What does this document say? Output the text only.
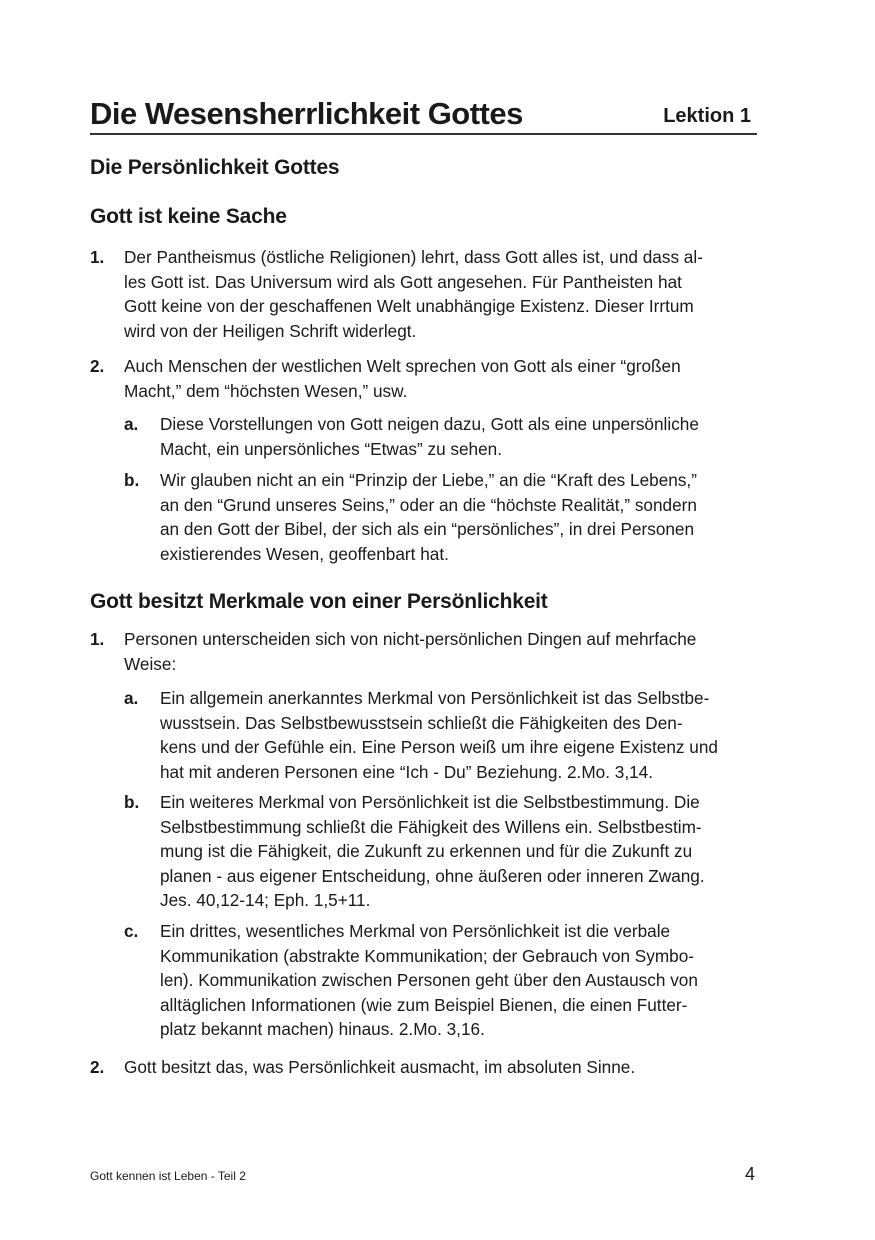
Die Wesensherrlichkeit Gottes	Lektion 1
Die Persönlichkeit Gottes
Gott ist keine Sache
1. Der Pantheismus (östliche Religionen) lehrt, dass Gott alles ist, und dass al-
les Gott ist. Das Universum wird als Gott angesehen. Für Pantheisten hat
Gott keine von der geschaffenen Welt unabhängige Existenz. Dieser Irrtum
wird von der Heiligen Schrift widerlegt.
2. Auch Menschen der westlichen Welt sprechen von Gott als einer “großen
Macht,” dem “höchsten Wesen,” usw.
a. Diese Vorstellungen von Gott neigen dazu, Gott als eine unpersönliche
Macht, ein unpersönliches “Etwas” zu sehen.
b. Wir glauben nicht an ein “Prinzip der Liebe,” an die “Kraft des Lebens,”
an den “Grund unseres Seins,” oder an die “höchste Realität,” sondern
an den Gott der Bibel, der sich als ein “persönliches”, in drei Personen
existierendes Wesen, geoffenbart hat.
Gott besitzt Merkmale von einer Persönlichkeit
1. Personen unterscheiden sich von nicht-persönlichen Dingen auf mehrfache
Weise:
a. Ein allgemein anerkanntes Merkmal von Persönlichkeit ist das Selbstbe-
wusstsein. Das Selbstbewusstsein schließt die Fähigkeiten des Den-
kens und der Gefühle ein. Eine Person weiß um ihre eigene Existenz und
hat mit anderen Personen eine “Ich - Du” Beziehung. 2.Mo. 3,14.
b. Ein weiteres Merkmal von Persönlichkeit ist die Selbstbestimmung. Die
Selbstbestimmung schließt die Fähigkeit des Willens ein. Selbstbestim-
mung ist die Fähigkeit, die Zukunft zu erkennen und für die Zukunft zu
planen - aus eigener Entscheidung, ohne äußeren oder inneren Zwang.
Jes. 40,12-14; Eph. 1,5+11.
c. Ein drittes, wesentliches Merkmal von Persönlichkeit ist die verbale
Kommunikation (abstrakte Kommunikation; der Gebrauch von Symbo-
len). Kommunikation zwischen Personen geht über den Austausch von
alltäglichen Informationen (wie zum Beispiel Bienen, die einen Futter-
platz bekannt machen) hinaus. 2.Mo. 3,16.
2. Gott besitzt das, was Persönlichkeit ausmacht, im absoluten Sinne.
Gott kennen ist Leben - Teil 2	4
